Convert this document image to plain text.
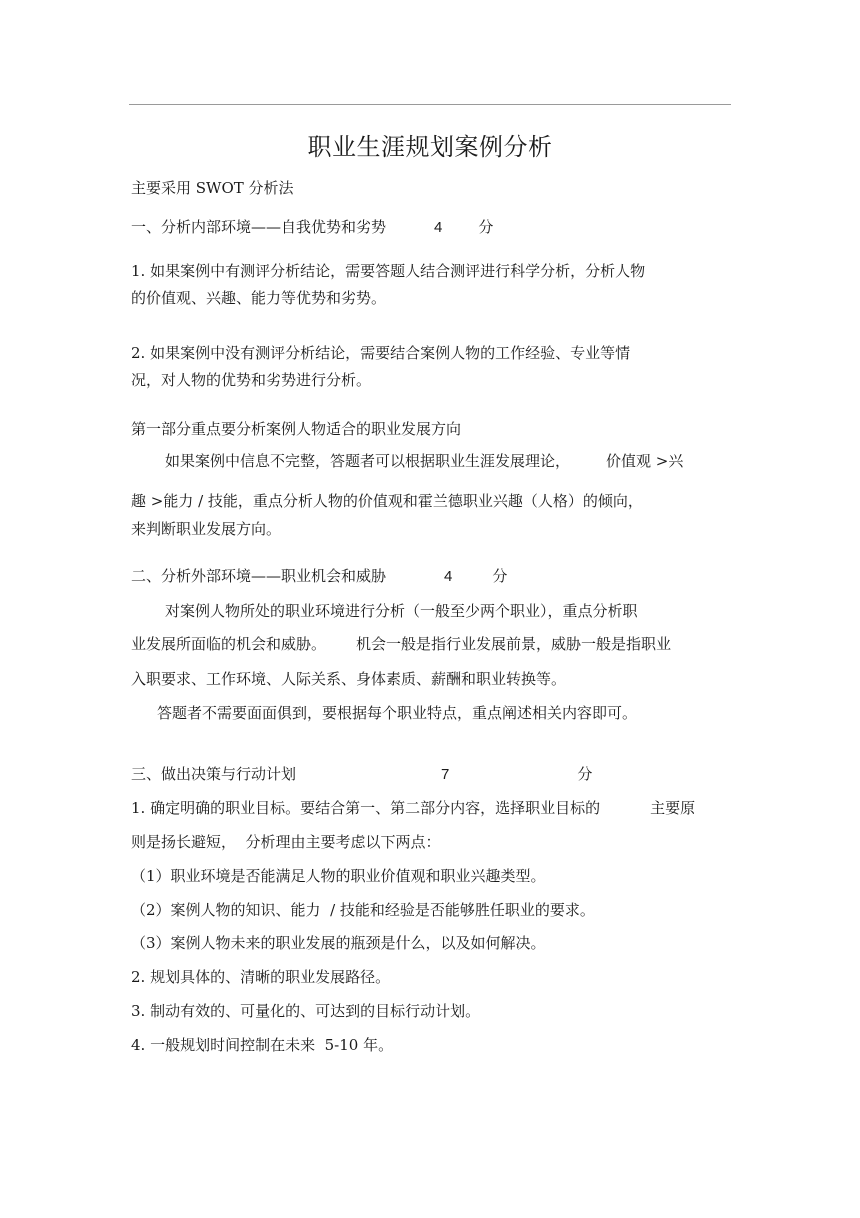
职业生涯规划案例分析
主要采用 SWOT 分析法
一、分析内部环境——自我优势和劣势	4 分
1. 如果案例中有测评分析结论，需要答题人结合测评进行科学分析，分析人物
的价值观、兴趣、能力等优势和劣势。
2. 如果案例中没有测评分析结论，需要结合案例人物的工作经验、专业等情
况，对人物的优势和劣势进行分析。
第一部分重点要分析案例人物适合的职业发展方向
如果案例中信息不完整，答题者可以根据职业生涯发展理论， 价值观 >兴
趣 >能力 / 技能，重点分析人物的价值观和霍兰德职业兴趣（人格）的倾向，
来判断职业发展方向。
二、分析外部环境——职业机会和威胁	4	分
对案例人物所处的职业环境进行分析（一般至少两个职业），重点分析职
业发展所面临的机会和威胁。 机会一般是指行业发展前景，威胁一般是指职业
入职要求、工作环境、人际关系、身体素质、薪酬和职业转换等。
答题者不需要面面俱到，要根据每个职业特点，重点阐述相关内容即可。
三、做出决策与行动计划	7	分
1. 确定明确的职业目标。要结合第一、第二部分内容，选择职业目标的	主要原
则是扬长避短，  分析理由主要考虑以下两点：
（1）职业环境是否能满足人物的职业价值观和职业兴趣类型。
（2）案例人物的知识、能力  / 技能和经验是否能够胜任职业的要求。
（3）案例人物未来的职业发展的瓶颈是什么，以及如何解决。
2. 规划具体的、清晰的职业发展路径。
3. 制动有效的、可量化的、可达到的目标行动计划。
4. 一般规划时间控制在未来  5-10 年。
